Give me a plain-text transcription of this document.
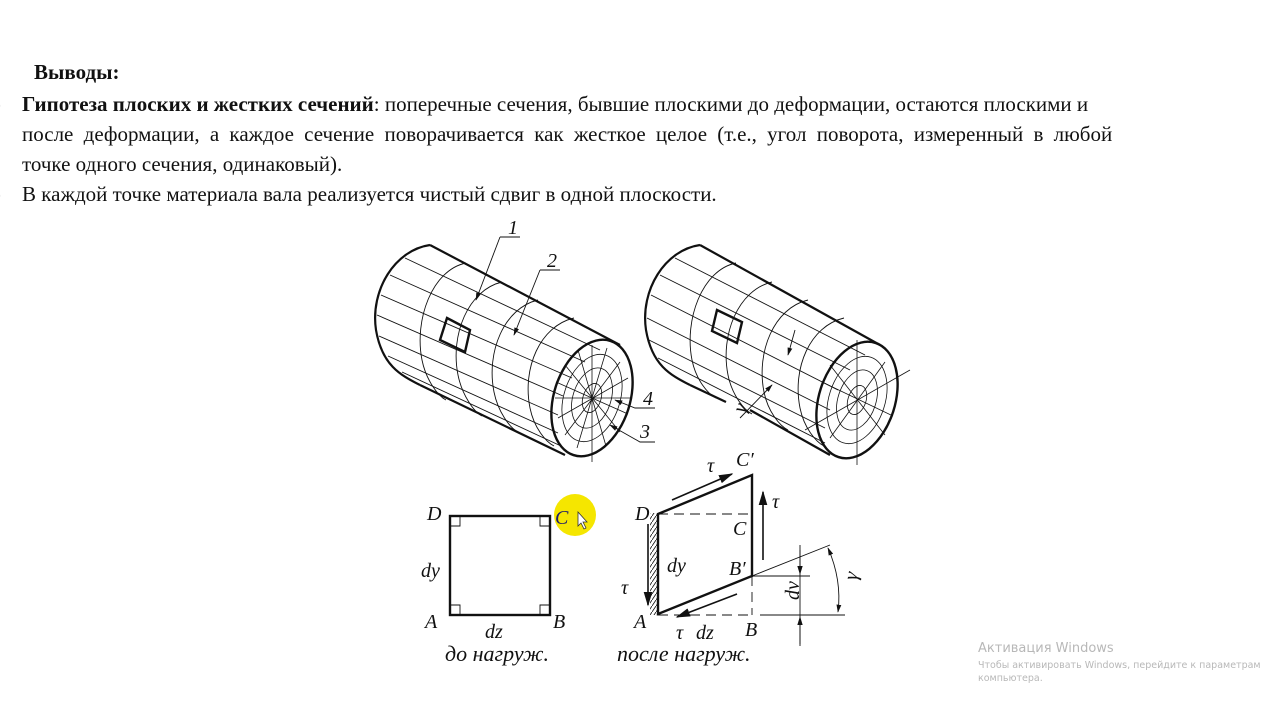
Выводы:
Гипотеза плоских и жестких сечений: поперечные сечения, бывшие плоскими до деформации, остаются плоскими и
после деформации, а каждое сечение поворачивается как жесткое целое (т.е., угол поворота, измеренный в любой
точке одного сечения, одинаковый).
В каждой точке материала вала реализуется чистый сдвиг в одной плоскости.
1
2
4
3
γ
D	C
dy
A	B
dz
до нагруж.
τ C′
τ
D
C
dy B′
τ	dv
γ
A τ dz B
после нагруж.	Активация Windows
Чтобы активировать Windows, перейдите к параметрам
компьютера.
